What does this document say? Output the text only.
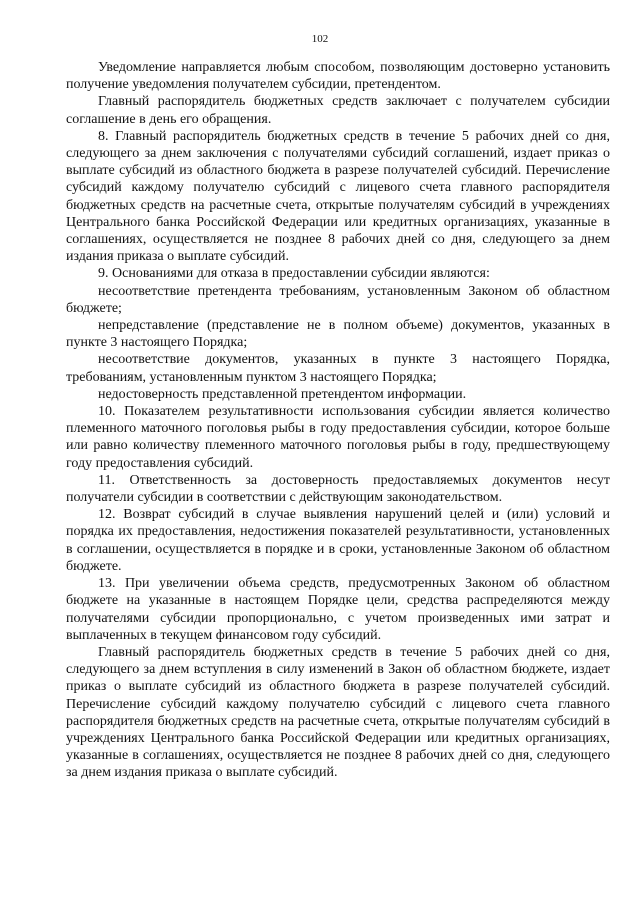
102

Уведомление направляется любым способом, позволяющим достоверно установить получение уведомления получателем субсидии, претендентом.

Главный распорядитель бюджетных средств заключает с получателем субсидии соглашение в день его обращения.

8. Главный распорядитель бюджетных средств в течение 5 рабочих дней со дня, следующего за днем заключения с получателями субсидий соглашений, издает приказ о выплате субсидий из областного бюджета в разрезе получателей субсидий. Перечисление субсидий каждому получателю субсидий с лицевого счета главного распорядителя бюджетных средств на расчетные счета, открытые получателям субсидий в учреждениях Центрального банка Российской Федерации или кредитных организациях, указанные в соглашениях, осуществляется не позднее 8 рабочих дней со дня, следующего за днем издания приказа о выплате субсидий.

9. Основаниями для отказа в предоставлении субсидии являются:

несоответствие претендента требованиям, установленным Законом об областном бюджете;

непредставление (представление не в полном объеме) документов, указанных в пункте 3 настоящего Порядка;

несоответствие документов, указанных в пункте 3 настоящего Порядка, требованиям, установленным пунктом 3 настоящего Порядка;

недостоверность представленной претендентом информации.

10. Показателем результативности использования субсидии является количество племенного маточного поголовья рыбы в году предоставления субсидии, которое больше или равно количеству племенного маточного поголовья рыбы в году, предшествующему году предоставления субсидий.

11. Ответственность за достоверность предоставляемых документов несут получатели субсидии в соответствии с действующим законодательством.

12. Возврат субсидий в случае выявления нарушений целей и (или) условий и порядка их предоставления, недостижения показателей результативности, установленных в соглашении, осуществляется в порядке и в сроки, установленные Законом об областном бюджете.

13. При увеличении объема средств, предусмотренных Законом об областном бюджете на указанные в настоящем Порядке цели, средства распределяются между получателями субсидии пропорционально, с учетом произведенных ими затрат и выплаченных в текущем финансовом году субсидий.

Главный распорядитель бюджетных средств в течение 5 рабочих дней со дня, следующего за днем вступления в силу изменений в Закон об областном бюджете, издает приказ о выплате субсидий из областного бюджета в разрезе получателей субсидий. Перечисление субсидий каждому получателю субсидий с лицевого счета главного распорядителя бюджетных средств на расчетные счета, открытые получателям субсидий в учреждениях Центрального банка Российской Федерации или кредитных организациях, указанные в соглашениях, осуществляется не позднее 8 рабочих дней со дня, следующего за днем издания приказа о выплате субсидий.
